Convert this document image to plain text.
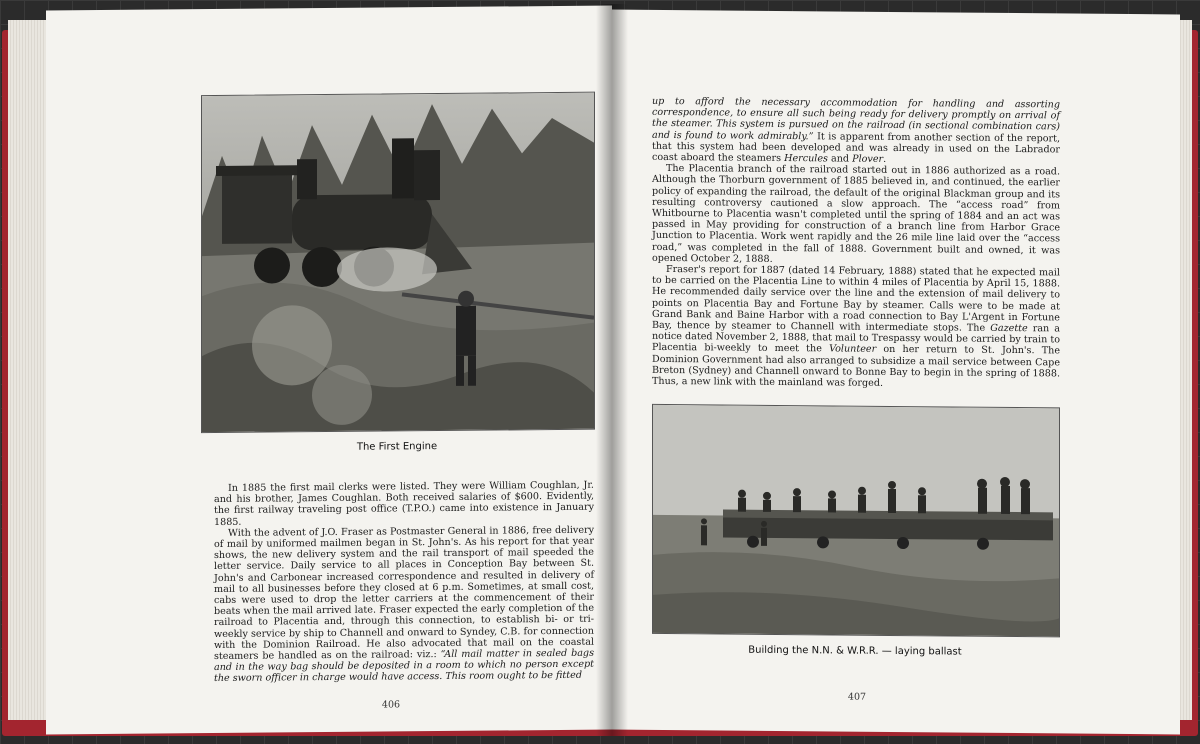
The First Engine

In 1885 the first mail clerks were listed. They were William Coughlan, Jr. and his brother, James Coughlan. Both received salaries of $600. Evidently, the first railway traveling post office (T.P.O.) came into existence in January 1885.

With the advent of J.O. Fraser as Postmaster General in 1886, free delivery of mail by uniformed mailmen began in St. John's. As his report for that year shows, the new delivery system and the rail transport of mail speeded the letter service. Daily service to all places in Conception Bay between St. John's and Carbonear increased correspondence and resulted in delivery of mail to all businesses before they closed at 6 p.m. Sometimes, at small cost, cabs were used to drop the letter carriers at the commencement of their beats when the mail arrived late. Fraser expected the early completion of the railroad to Placentia and, through this connection, to establish bi- or tri- weekly service by ship to Channell and onward to Syndey, C.B. for connection with the Dominion Railroad. He also advocated that mail on the coastal steamers be handled as on the railroad: viz.: “All mail matter in sealed bags and in the way bag should be deposited in a room to which no person except the sworn officer in charge would have access. This room ought to be fitted

406

up to afford the necessary accommodation for handling and assorting correspondence, to ensure all such being ready for delivery promptly on arrival of the steamer. This system is pursued on the railroad (in sectional combination cars) and is found to work admirably.” It is apparent from another section of the report, that this system had been developed and was already in used on the Labrador coast aboard the steamers Hercules and Plover.

The Placentia branch of the railroad started out in 1886 authorized as a road. Although the Thorburn government of 1885 believed in, and continued, the earlier policy of expanding the railroad, the default of the original Blackman group and its resulting controversy cautioned a slow approach. The “access road” from Whitbourne to Placentia wasn't completed until the spring of 1884 and an act was passed in May providing for construction of a branch line from Harbor Grace Junction to Placentia. Work went rapidly and the 26 mile line laid over the “access road,” was completed in the fall of 1888. Government built and owned, it was opened October 2, 1888.

Fraser's report for 1887 (dated 14 February, 1888) stated that he expected mail to be carried on the Placentia Line to within 4 miles of Placentia by April 15, 1888. He recommended daily service over the line and the extension of mail delivery to points on Placentia Bay and Fortune Bay by steamer. Calls were to be made at Grand Bank and Baine Harbor with a road connection to Bay L'Argent in Fortune Bay, thence by steamer to Channell with intermediate stops. The Gazette ran a notice dated November 2, 1888, that mail to Trespassy would be carried by train to Placentia bi-weekly to meet the Volunteer on her return to St. John's. The Dominion Government had also arranged to subsidize a mail service between Cape Breton (Sydney) and Channell onward to Bonne Bay to begin in the spring of 1888. Thus, a new link with the mainland was forged.

Building the N.N. & W.R.R. — laying ballast
407
